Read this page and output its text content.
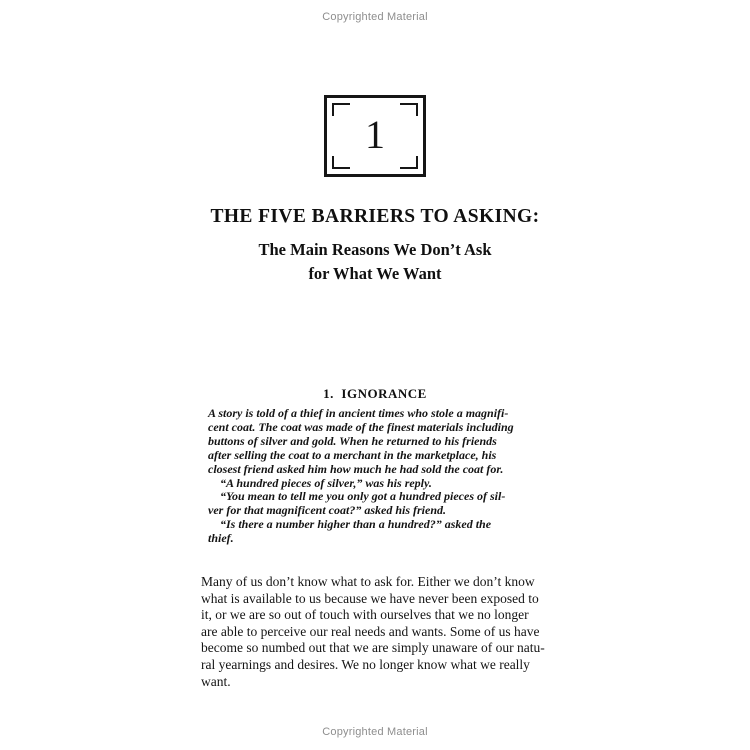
Copyrighted Material
1
THE FIVE BARRIERS TO ASKING:
The Main Reasons We Don’t Ask
for What We Want
1.  IGNORANCE
A story is told of a thief in ancient times who stole a magnifi-
cent coat. The coat was made of the finest materials including
buttons of silver and gold. When he returned to his friends
after selling the coat to a merchant in the marketplace, his
closest friend asked him how much he had sold the coat for.
“A hundred pieces of silver,” was his reply.
“You mean to tell me you only got a hundred pieces of sil-
ver for that magnificent coat?” asked his friend.
“Is there a number higher than a hundred?” asked the
thief.
Many of us don’t know what to ask for. Either we don’t know
what is available to us because we have never been exposed to
it, or we are so out of touch with ourselves that we no longer
are able to perceive our real needs and wants. Some of us have
become so numbed out that we are simply unaware of our natu-
ral yearnings and desires. We no longer know what we really
want.
Copyrighted Material
